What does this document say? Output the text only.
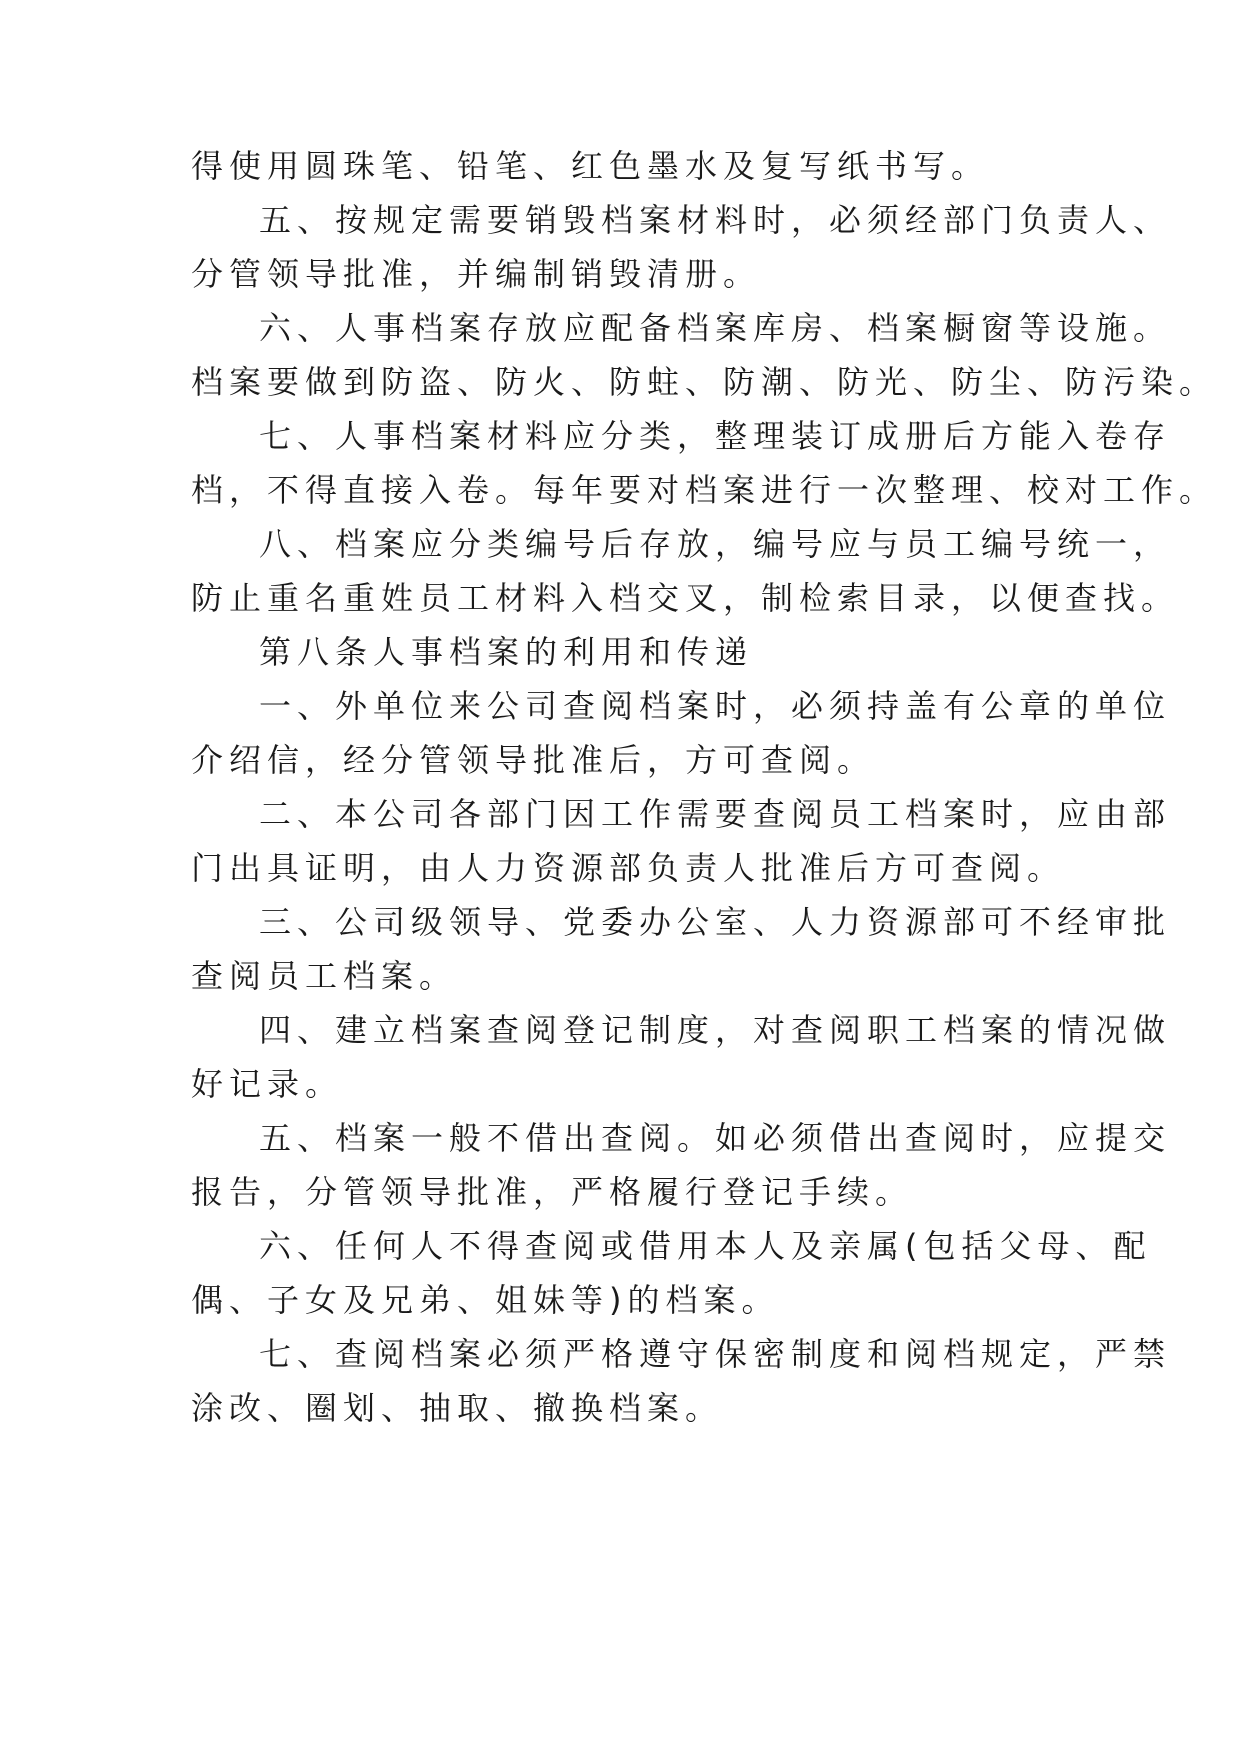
得使用圆珠笔、铅笔、红色墨水及复写纸书写。
五、按规定需要销毁档案材料时，必须经部门负责人、
分管领导批准，并编制销毁清册。
六、人事档案存放应配备档案库房、档案橱窗等设施。
档案要做到防盗、防火、防蛀、防潮、防光、防尘、防污染。
七、人事档案材料应分类，整理装订成册后方能入卷存
档，不得直接入卷。每年要对档案进行一次整理、校对工作。
八、档案应分类编号后存放，编号应与员工编号统一，
防止重名重姓员工材料入档交叉，制检索目录，以便查找。
第八条人事档案的利用和传递
一、外单位来公司查阅档案时，必须持盖有公章的单位
介绍信，经分管领导批准后，方可查阅。
二、本公司各部门因工作需要查阅员工档案时，应由部
门出具证明，由人力资源部负责人批准后方可查阅。
三、公司级领导、党委办公室、人力资源部可不经审批
查阅员工档案。
四、建立档案查阅登记制度，对查阅职工档案的情况做
好记录。
五、档案一般不借出查阅。如必须借出查阅时，应提交
报告，分管领导批准，严格履行登记手续。
六、任何人不得查阅或借用本人及亲属(包括父母、配
偶、子女及兄弟、姐妹等)的档案。
七、查阅档案必须严格遵守保密制度和阅档规定，严禁
涂改、圈划、抽取、撤换档案。
